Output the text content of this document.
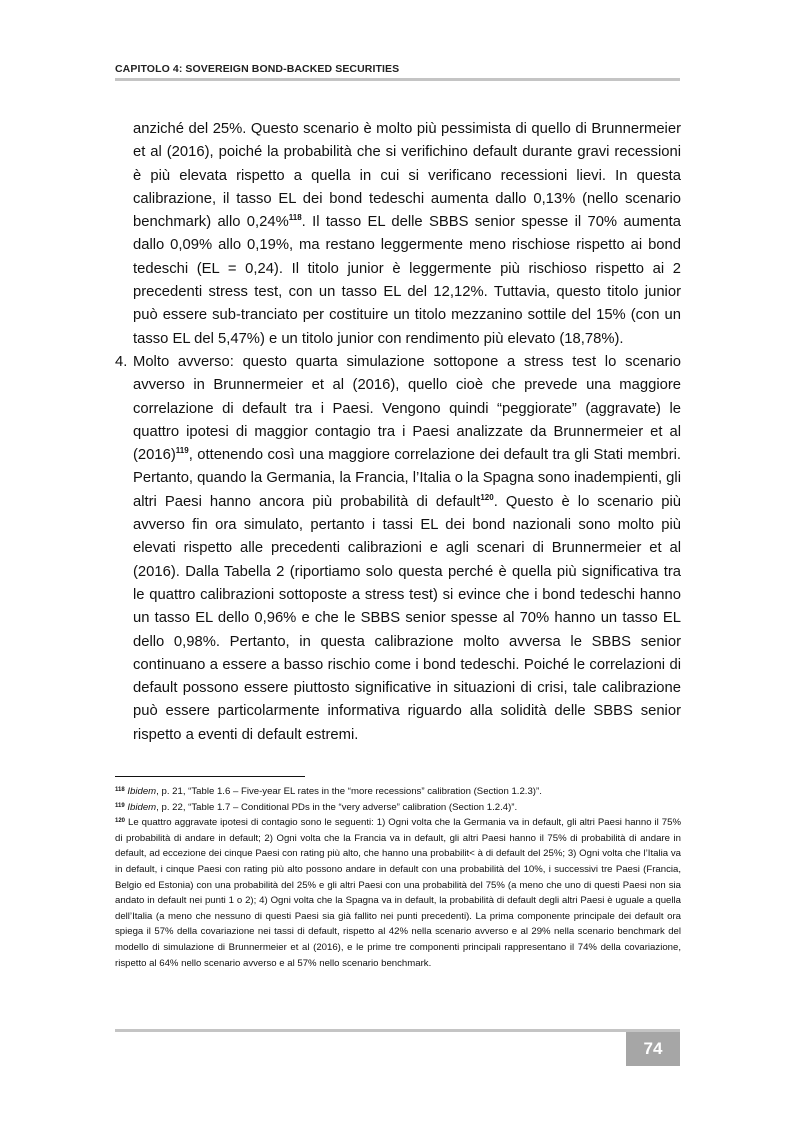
CAPITOLO 4: SOVEREIGN BOND-BACKED SECURITIES

anziché del 25%. Questo scenario è molto più pessimista di quello di Brunnermeier et al (2016), poiché la probabilità che si verifichino default durante gravi recessioni è più elevata rispetto a quella in cui si verificano recessioni lievi. In questa calibrazione, il tasso EL dei bond tedeschi aumenta dallo 0,13% (nello scenario benchmark) allo 0,24%$^{118}$. Il tasso EL delle SBBS senior spesse il 70% aumenta dallo 0,09% allo 0,19%, ma restano leggermente meno rischiose rispetto ai bond tedeschi (EL = 0,24). Il titolo junior è leggermente più rischioso rispetto ai 2 precedenti stress test, con un tasso EL del 12,12%. Tuttavia, questo titolo junior può essere sub-tranciato per costituire un titolo mezzanino sottile del 15% (con un tasso EL del 5,47%) e un titolo junior con rendimento più elevato (18,78%).

4. Molto avverso: questo quarta simulazione sottopone a stress test lo scenario avverso in Brunnermeier et al (2016), quello cioè che prevede una maggiore correlazione di default tra i Paesi. Vengono quindi “peggiorate” (aggravate) le quattro ipotesi di maggior contagio tra i Paesi analizzate da Brunnermeier et al $(2016)^{119}$, ottenendo così una maggiore correlazione dei default tra gli Stati membri. Pertanto, quando la Germania, la Francia, l’Italia o la Spagna sono inadempienti, gli altri Paesi hanno ancora più probabilità di default$^{120}$. Questo è lo scenario più avverso fin ora simulato, pertanto i tassi EL dei bond nazionali sono molto più elevati rispetto alle precedenti calibrazioni e agli scenari di Brunnermeier et al (2016). Dalla Tabella 2 (riportiamo solo questa perché è quella più significativa tra le quattro calibrazioni sottoposte a stress test) si evince che i bond tedeschi hanno un tasso EL dello 0,96% e che le SBBS senior spesse al 70% hanno un tasso EL dello 0,98%. Pertanto, in questa calibrazione molto avversa le SBBS senior continuano a essere a basso rischio come i bond tedeschi. Poiché le correlazioni di default possono essere piuttosto significative in situazioni di crisi, tale calibrazione può essere particolarmente informativa riguardo alla solidità delle SBBS senior rispetto a eventi di default estremi.

$^{118}$ Ibidem, p. 21, “Table 1.6 – Five-year EL rates in the “more recessions” calibration (Section 1.2.3)”.

$^{119}$ Ibidem, p. 22, “Table 1.7 – Conditional PDs in the “very adverse” calibration (Section 1.2.4)”.

$^{120}$ Le quattro aggravate ipotesi di contagio sono le seguenti: 1) Ogni volta che la Germania va in default, gli altri Paesi hanno il 75% di probabilità di andare in default; 2) Ogni volta che la Francia va in default, gli altri Paesi hanno il 75% di probabilità di andare in default, ad eccezione dei cinque Paesi con rating più alto, che hanno una probabilit< à di default del 25%; 3) Ogni volta che l’Italia va in default, i cinque Paesi con rating più alto possono andare in default con una probabilità del 10%, i successivi tre Paesi (Francia, Belgio ed Estonia) con una probabilità del 25% e gli altri Paesi con una probabilità del 75% (a meno che uno di questi Paesi non sia andato in default nei punti 1 o 2); 4) Ogni volta che la Spagna va in default, la probabilità di default degli altri Paesi è uguale a quella dell’Italia (a meno che nessuno di questi Paesi sia già fallito nei punti precedenti). La prima componente principale dei default ora spiega il 57% della covariazione nei tassi di default, rispetto al 42% nella scenario avverso e al 29% nella scenario benchmark del modello di simulazione di Brunnermeier et al (2016), e le prime tre componenti principali rappresentano il 74% della covariazione, rispetto al 64% nello scenario avverso e al 57% nello scenario benchmark.

74
